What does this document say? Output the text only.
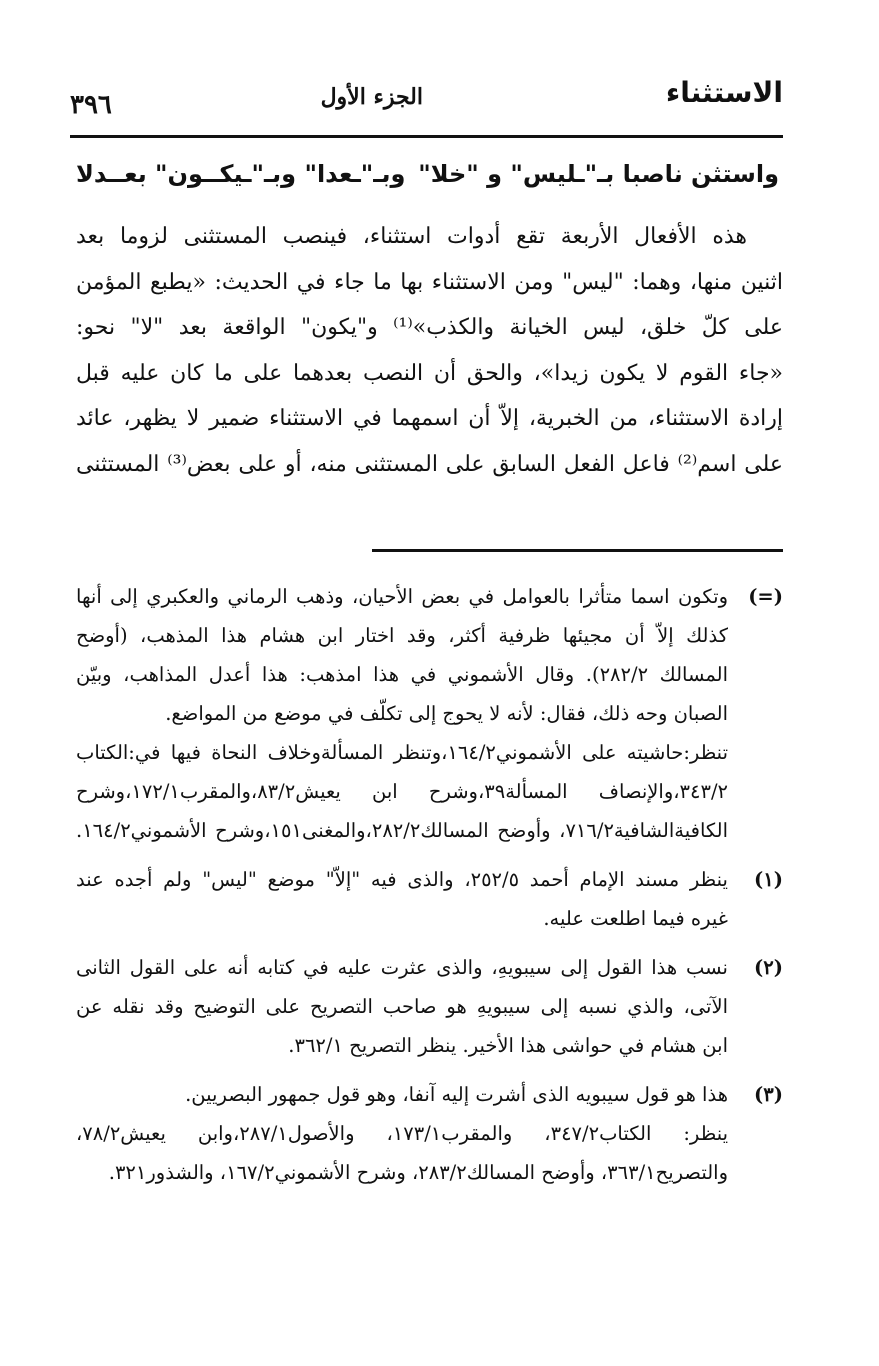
الاستثناء
الجزء الأول
٣٩٦
واستثن ناصبا بـ"ـليس" و "خلا"
وبـ"ـعدا" وبـ"ـيكــون" بعــدلا

هذه الأفعال الأربعة تقع أدوات استثناء، فينصب المستثنى لزوما بعد

اثنين منها، وهما: "ليس" ومن الاستثناء بها ما جاء في الحديث: «يطبع المؤمن

على كلّ خلق، ليس الخيانة والكذب»⁽¹⁾ و"يكون" الواقعة بعد "لا" نحو:

«جاء القوم لا يكون زيدا»، والحق أن النصب بعدهما على ما كان عليه قبل

إرادة الاستثناء، من الخبرية، إلاّ أن اسمهما في الاستثناء ضمير لا يظهر، عائد

على اسم⁽²⁾ فاعل الفعل السابق على المستثنى منه، أو على بعض⁽³⁾ المستثنى

(=)
وتكون اسما متأثرا بالعوامل في بعض الأحيان، وذهب الرماني والعكبري إلى أنها
كذلك إلاّ أن مجيئها ظرفية أكثر، وقد اختار ابن هشام هذا المذهب، (أوضح
المسالك ٢٨٢/٢). وقال الأشموني في هذا امذهب: هذا أعدل المذاهب، وبيّن
الصبان وحه ذلك، فقال: لأنه لا يحوج إلى تكلّف في موضع من المواضع.
تنظر:حاشيته على الأشموني١٦٤/٢،وتنظر المسألةوخلاف النحاة فيها في:الكتاب
٣٤٣/٢،والإنصاف المسألة٣٩،وشرح ابن يعيش٨٣/٢،والمقرب١٧٢/١،وشرح
الكافيةالشافية٧١٦/٢، وأوضح المسالك٢٨٢/٢،والمغنى١٥١،وشرح الأشموني١٦٤/٢.
(١)
ينظر مسند الإمام أحمد ٢٥٢/٥، والذى فيه "إلاّ" موضع "ليس" ولم أجده عند
غيره فيما اطلعت عليه.
(٢)
نسب هذا القول إلى سيبويهِ، والذى عثرت عليه في كتابه أنه على القول الثانى
الآتى، والذي نسبه إلى سيبويهِ هو صاحب التصريح على التوضيح وقد نقله عن
ابن هشام في حواشى هذا الأخير. ينظر التصريح ٣٦٢/١.
(٣)
هذا هو قول سيبويه الذى أشرت إليه آنفا، وهو قول جمهور البصريين.
ينظر: الكتاب٣٤٧/٢، والمقرب١٧٣/١، والأصول٢٨٧/١،وابن يعيش٧٨/٢،
والتصريح٣٦٣/١، وأوضح المسالك٢٨٣/٢، وشرح الأشموني١٦٧/٢، والشذور٣٢١.
